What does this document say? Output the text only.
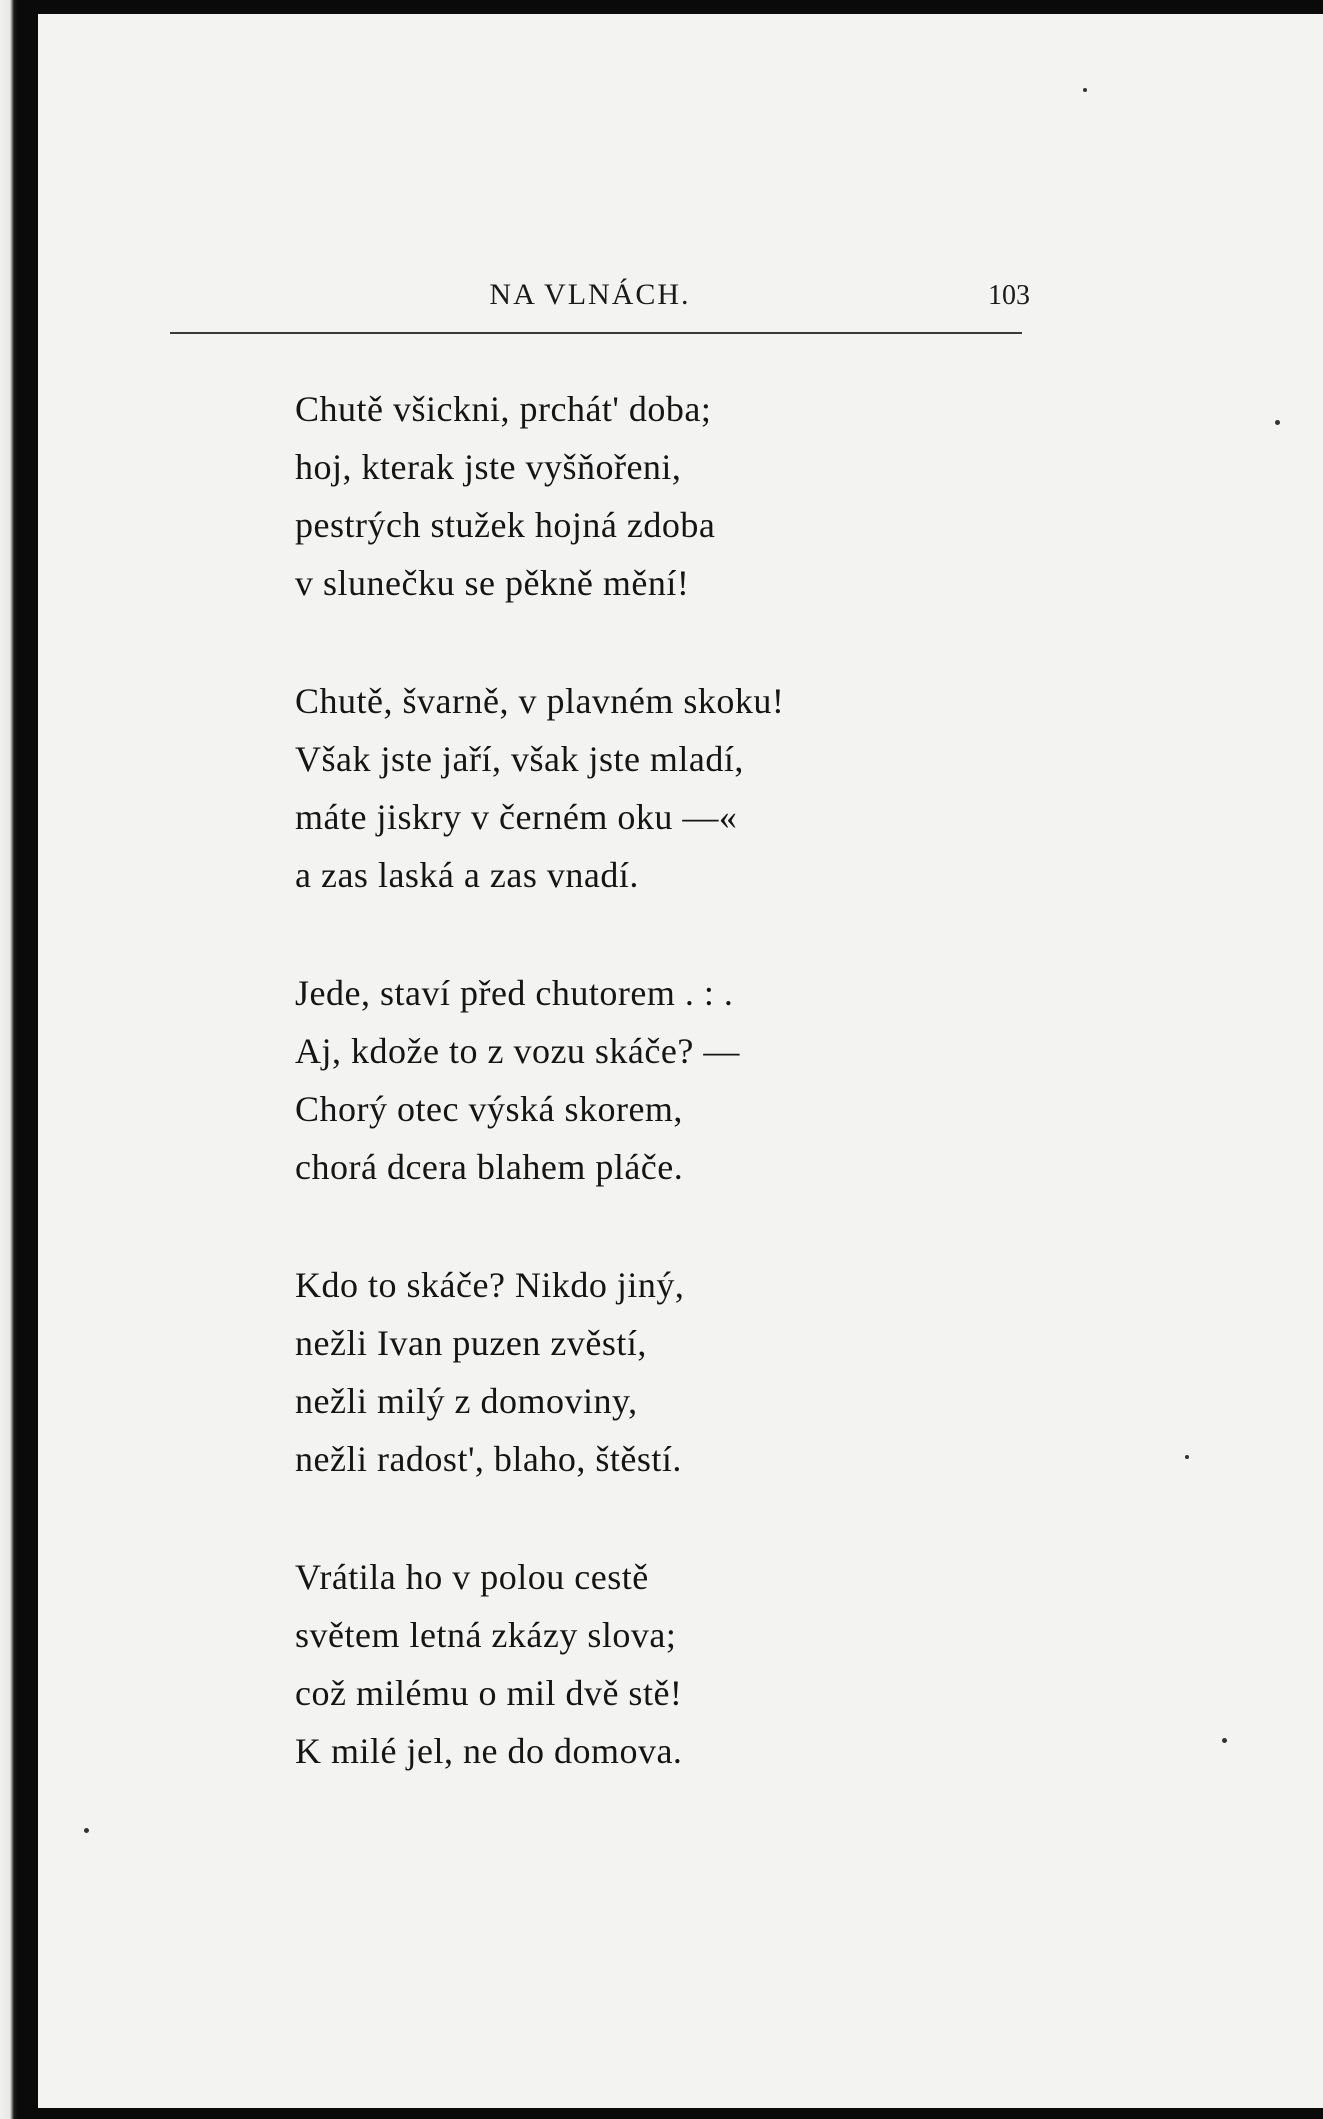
NA VLNÁCH.	103
Chutě všickni, prchát' doba;
hoj, kterak jste vyšňořeni,
pestrých stužek hojná zdoba
v slunečku se pěkně mění!
Chutě, švarně, v plavném skoku!
Však jste jaří, však jste mladí,
máte jiskry v černém oku —«
a zas laská a zas vnadí.
Jede, staví před chutorem . : .
Aj, kdože to z vozu skáče? —
Chorý otec výská skorem,
chorá dcera blahem pláče.
Kdo to skáče? Nikdo jiný,
nežli Ivan puzen zvěstí,
nežli milý z domoviny,
nežli radost', blaho, štěstí.
Vrátila ho v polou cestě
světem letná zkázy slova;
což milému o mil dvě stě!
K milé jel, ne do domova.
